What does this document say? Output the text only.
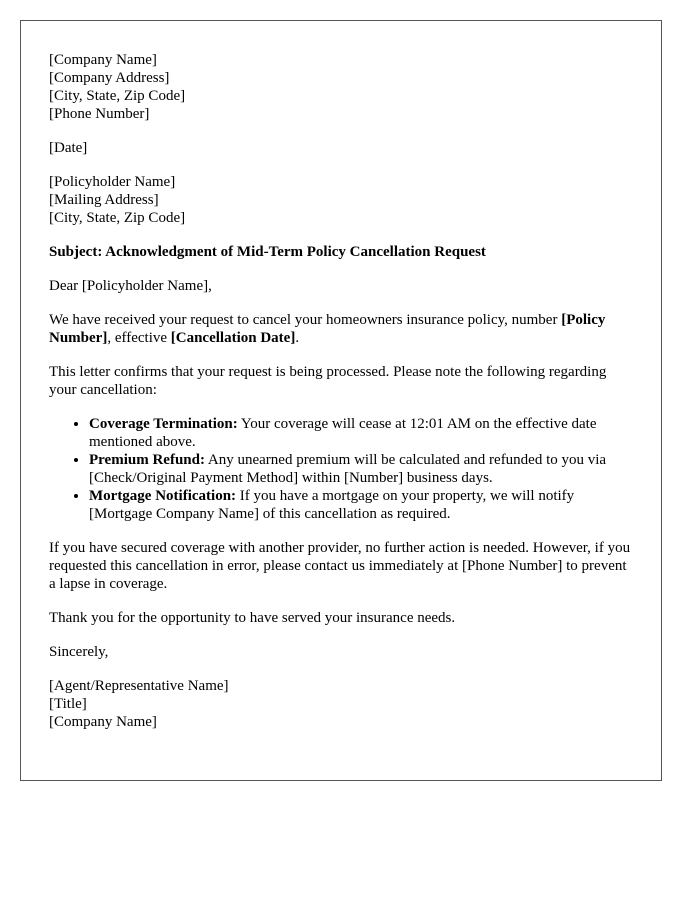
[Company Name]
[Company Address]
[City, State, Zip Code]
[Phone Number]

[Date]

[Policyholder Name]
[Mailing Address]
[City, State, Zip Code]

Subject: Acknowledgment of Mid-Term Policy Cancellation Request

Dear [Policyholder Name],

We have received your request to cancel your homeowners insurance policy, number [Policy Number], effective [Cancellation Date].

This letter confirms that your request is being processed. Please note the following regarding your cancellation:

• Coverage Termination: Your coverage will cease at 12:01 AM on the effective date mentioned above.
• Premium Refund: Any unearned premium will be calculated and refunded to you via [Check/Original Payment Method] within [Number] business days.
• Mortgage Notification: If you have a mortgage on your property, we will notify [Mortgage Company Name] of this cancellation as required.

If you have secured coverage with another provider, no further action is needed. However, if you requested this cancellation in error, please contact us immediately at [Phone Number] to prevent a lapse in coverage.

Thank you for the opportunity to have served your insurance needs.

Sincerely,

[Agent/Representative Name]
[Title]
[Company Name]
